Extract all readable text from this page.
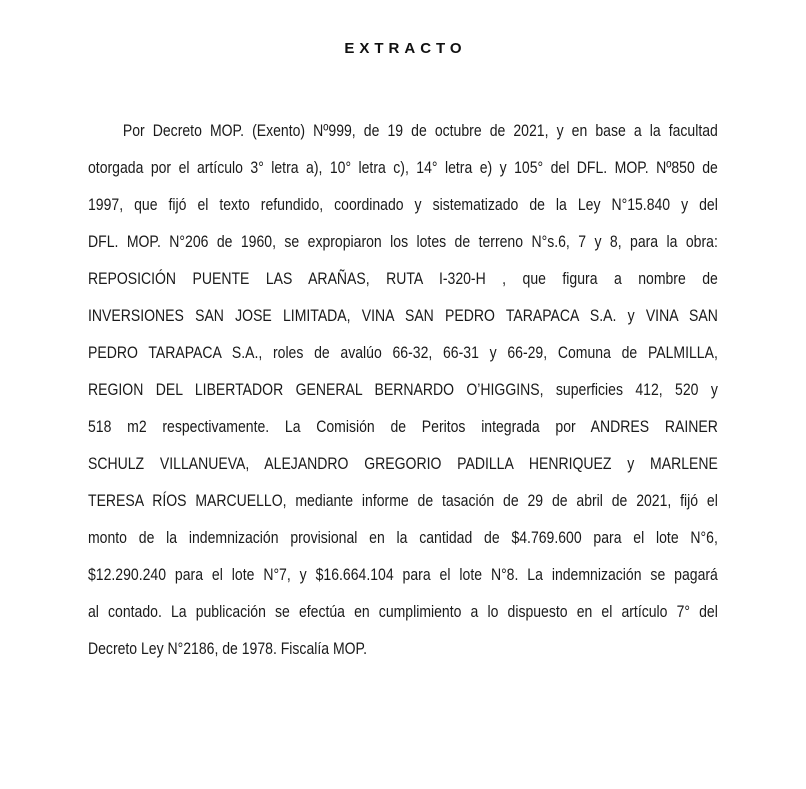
EXTRACTO
Por Decreto MOP. (Exento) Nº999, de 19 de octubre de 2021, y en base a la facultad
otorgada por el artículo 3° letra a), 10° letra c), 14° letra e) y 105° del DFL. MOP. Nº850 de
1997, que fijó el texto refundido, coordinado y sistematizado de la Ley N°15.840 y del
DFL. MOP. N°206 de 1960, se expropiaron los lotes de terreno N°s.6, 7 y 8, para la obra:
REPOSICIÓN PUENTE LAS ARAÑAS, RUTA I-320-H , que figura a nombre de
INVERSIONES SAN JOSE LIMITADA, VINA SAN PEDRO TARAPACA S.A. y VINA SAN
PEDRO TARAPACA S.A., roles de avalúo 66-32, 66-31 y 66-29, Comuna de PALMILLA,
REGION DEL LIBERTADOR GENERAL BERNARDO O’HIGGINS, superficies 412, 520 y
518 m2 respectivamente. La Comisión de Peritos integrada por ANDRES RAINER
SCHULZ VILLANUEVA, ALEJANDRO GREGORIO PADILLA HENRIQUEZ y MARLENE
TERESA RÍOS MARCUELLO, mediante informe de tasación de 29 de abril de 2021, fijó el
monto de la indemnización provisional en la cantidad de $4.769.600 para el lote N°6,
$12.290.240 para el lote N°7, y $16.664.104 para el lote N°8. La indemnización se pagará
al contado. La publicación se efectúa en cumplimiento a lo dispuesto en el artículo 7° del
Decreto Ley N°2186, de 1978. Fiscalía MOP.
